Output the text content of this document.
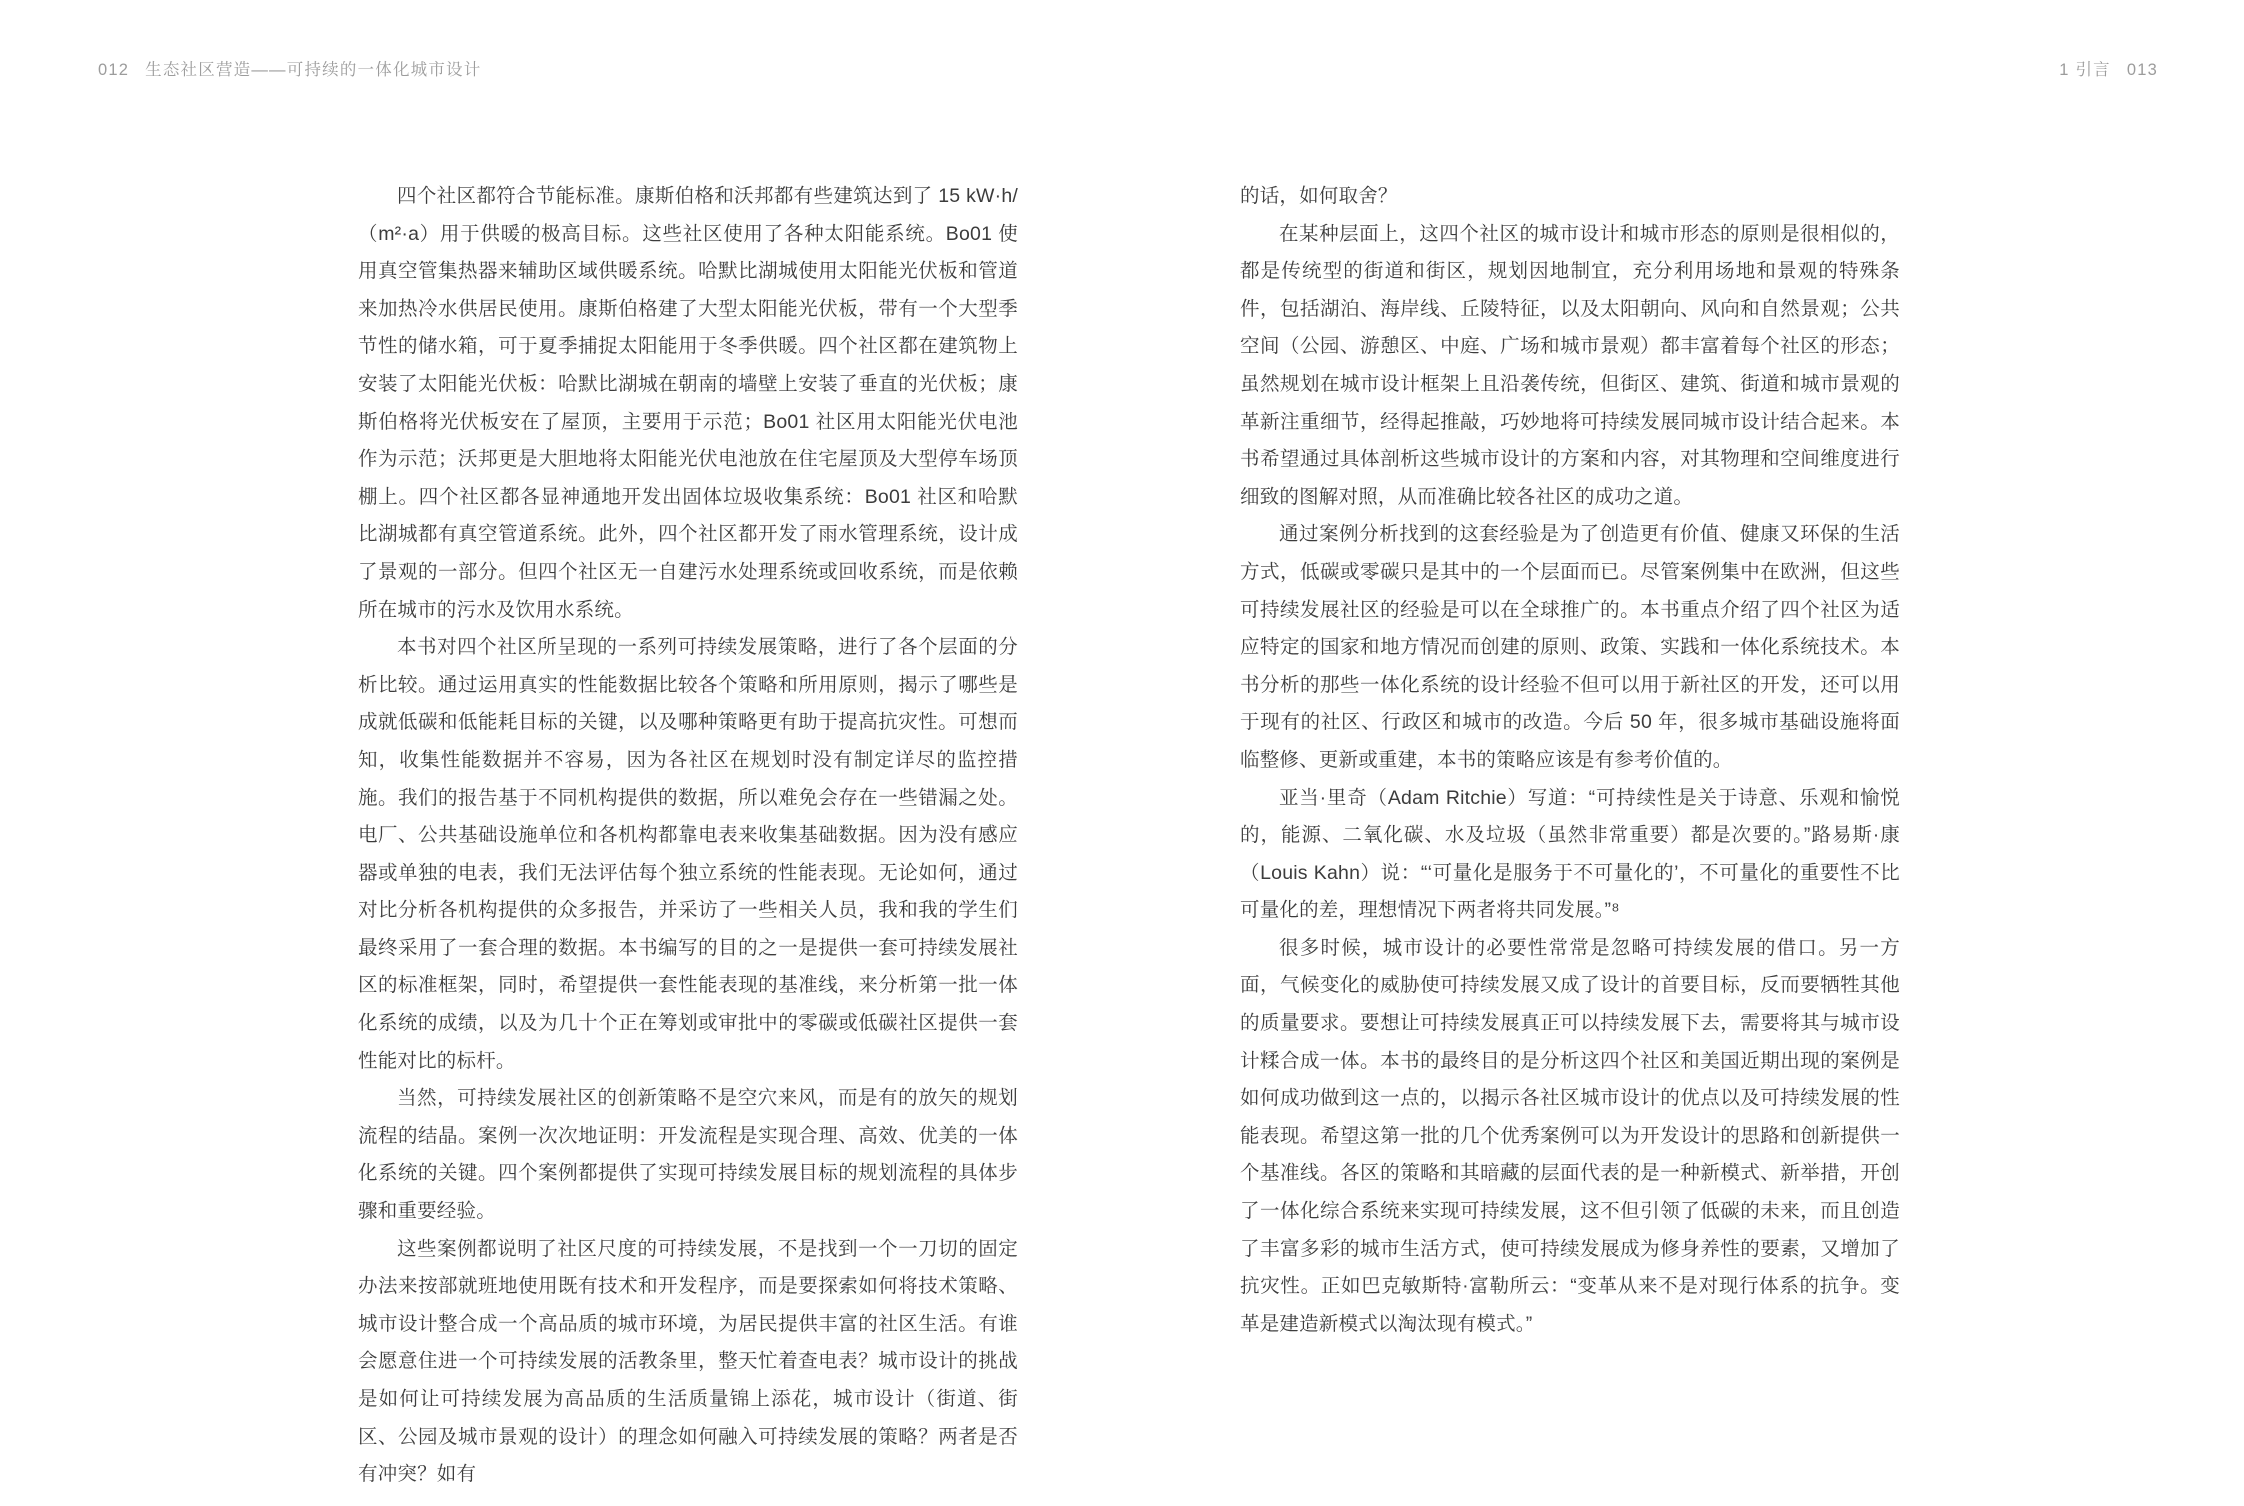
012 生态社区营造——可持续的一体化城市设计	1 引言 013

四个社区都符合节能标准。康斯伯格和沃邦都有些建筑达到了 15 kW·h/（m²·a）用于供暖的极高目标。这些社区使用了各种太阳能系统。Bo01 使用真空管集热器来辅助区域供暖系统。哈默比湖城使用太阳能光伏板和管道来加热冷水供居民使用。康斯伯格建了大型太阳能光伏板，带有一个大型季节性的储水箱，可于夏季捕捉太阳能用于冬季供暖。四个社区都在建筑物上安装了太阳能光伏板：哈默比湖城在朝南的墙壁上安装了垂直的光伏板；康斯伯格将光伏板安在了屋顶，主要用于示范；Bo01 社区用太阳能光伏电池作为示范；沃邦更是大胆地将太阳能光伏电池放在住宅屋顶及大型停车场顶棚上。四个社区都各显神通地开发出固体垃圾收集系统：Bo01 社区和哈默比湖城都有真空管道系统。此外，四个社区都开发了雨水管理系统，设计成了景观的一部分。但四个社区无一自建污水处理系统或回收系统，而是依赖所在城市的污水及饮用水系统。

本书对四个社区所呈现的一系列可持续发展策略，进行了各个层面的分析比较。通过运用真实的性能数据比较各个策略和所用原则，揭示了哪些是成就低碳和低能耗目标的关键，以及哪种策略更有助于提高抗灾性。可想而知，收集性能数据并不容易，因为各社区在规划时没有制定详尽的监控措施。我们的报告基于不同机构提供的数据，所以难免会存在一些错漏之处。电厂、公共基础设施单位和各机构都靠电表来收集基础数据。因为没有感应器或单独的电表，我们无法评估每个独立系统的性能表现。无论如何，通过对比分析各机构提供的众多报告，并采访了一些相关人员，我和我的学生们最终采用了一套合理的数据。本书编写的目的之一是提供一套可持续发展社区的标准框架，同时，希望提供一套性能表现的基准线，来分析第一批一体化系统的成绩，以及为几十个正在筹划或审批中的零碳或低碳社区提供一套性能对比的标杆。

当然，可持续发展社区的创新策略不是空穴来风，而是有的放矢的规划流程的结晶。案例一次次地证明：开发流程是实现合理、高效、优美的一体化系统的关键。四个案例都提供了实现可持续发展目标的规划流程的具体步骤和重要经验。

这些案例都说明了社区尺度的可持续发展，不是找到一个一刀切的固定办法来按部就班地使用既有技术和开发程序，而是要探索如何将技术策略、城市设计整合成一个高品质的城市环境，为居民提供丰富的社区生活。有谁会愿意住进一个可持续发展的活教条里，整天忙着查电表？城市设计的挑战是如何让可持续发展为高品质的生活质量锦上添花，城市设计（街道、街区、公园及城市景观的设计）的理念如何融入可持续发展的策略？两者是否有冲突？如有

的话，如何取舍？

在某种层面上，这四个社区的城市设计和城市形态的原则是很相似的，都是传统型的街道和街区，规划因地制宜，充分利用场地和景观的特殊条件，包括湖泊、海岸线、丘陵特征，以及太阳朝向、风向和自然景观；公共空间（公园、游憩区、中庭、广场和城市景观）都丰富着每个社区的形态；虽然规划在城市设计框架上且沿袭传统，但街区、建筑、街道和城市景观的革新注重细节，经得起推敲，巧妙地将可持续发展同城市设计结合起来。本书希望通过具体剖析这些城市设计的方案和内容，对其物理和空间维度进行细致的图解对照，从而准确比较各社区的成功之道。

通过案例分析找到的这套经验是为了创造更有价值、健康又环保的生活方式，低碳或零碳只是其中的一个层面而已。尽管案例集中在欧洲，但这些可持续发展社区的经验是可以在全球推广的。本书重点介绍了四个社区为适应特定的国家和地方情况而创建的原则、政策、实践和一体化系统技术。本书分析的那些一体化系统的设计经验不但可以用于新社区的开发，还可以用于现有的社区、行政区和城市的改造。今后 50 年，很多城市基础设施将面临整修、更新或重建，本书的策略应该是有参考价值的。

亚当·里奇（Adam Ritchie）写道：“可持续性是关于诗意、乐观和愉悦的，能源、二氧化碳、水及垃圾（虽然非常重要）都是次要的。”路易斯·康（Louis Kahn）说：“‘可量化是服务于不可量化的’，不可量化的重要性不比可量化的差，理想情况下两者将共同发展。”⁸

很多时候，城市设计的必要性常常是忽略可持续发展的借口。另一方面，气候变化的威胁使可持续发展又成了设计的首要目标，反而要牺牲其他的质量要求。要想让可持续发展真正可以持续发展下去，需要将其与城市设计糅合成一体。本书的最终目的是分析这四个社区和美国近期出现的案例是如何成功做到这一点的，以揭示各社区城市设计的优点以及可持续发展的性能表现。希望这第一批的几个优秀案例可以为开发设计的思路和创新提供一个基准线。各区的策略和其暗藏的层面代表的是一种新模式、新举措，开创了一体化综合系统来实现可持续发展，这不但引领了低碳的未来，而且创造了丰富多彩的城市生活方式，使可持续发展成为修身养性的要素，又增加了抗灾性。正如巴克敏斯特·富勒所云：“变革从来不是对现行体系的抗争。变革是建造新模式以淘汰现有模式。”
